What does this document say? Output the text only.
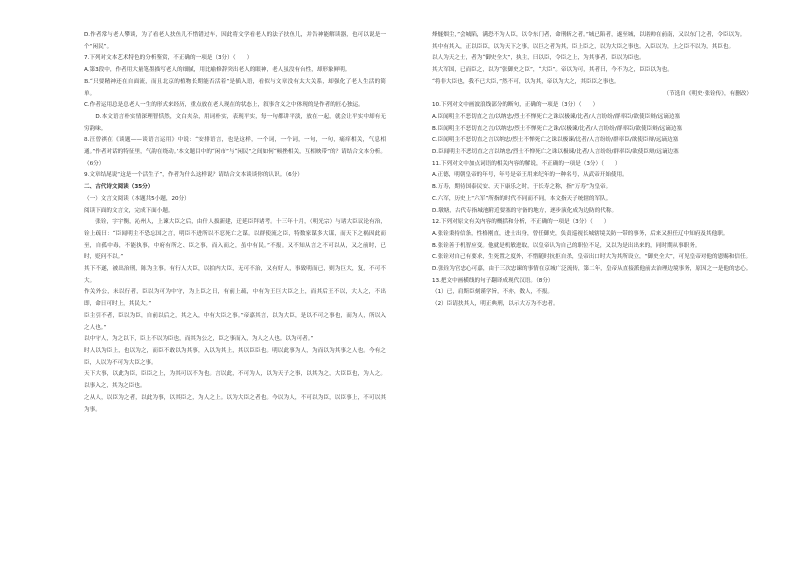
D.作者常与老人攀谈，为了看老人扶鱼儿不惜错过车，因此将文学看老人的法子扶鱼儿，并告神能解读器，也可以说是一个“闲民”。

7.下列对文本艺术特色的分析鉴赏，不正确的一项是（3分）（　　）

A.第3段中，作者用大量笔墨描写老人的细腻，用比喻修辞突出老人的眼神，老人虽没有台性，却形象鲜明。

B.“只要精神还在自面流，而且北京的植物长期能否活着”是插入语，看似与文章没有太大关系，却强化了老人生活的简单。

C.作者运用总是总老人一生的形式来经历，重点放在老人现在的状态上，叙事含义之中体现的是作者的匠心独运。

　　D.本文语言朴实情深理智恬然，文白夹杂，用词朴实，表现平实，每一句都讲平淡，放在一起，就会让平实中却有无穷韵味。

8.汪曾祺在《谈题——谈语言运用》中说：“安排语言，也是这样，一个词，一个词，一句，一句，痛痒相关，气息相通。”作者对话的特征里，气韵在绕动。’本文题目中的“闲市”与“闲民”之间如何“顿挫相关，互相映带”的？请结合文本分析。（6分）

9.文章结尾说“这是一个活生子”，作者为什么这样说？请结合文本谈谈你的认识。（6分）

二、古代诗文阅读（35分）

（一）文言文阅读（本题共5小题，20分）

阅读下面的文言文，完成下面小题。

　　张铨，字宇衡，沁州人，上谏大臣之后，由什人拔新建，迁延臣拜诸考。十三年十月，（明光宗）与诸大臣议论有治，铨上疏曰：“臣闻明主不恐忘国之言，明臣不进所以不忍死亡之谋。以群使流之臣，特数家谋多大谋，而天下之祸因此而至，自孤中毒，不能执事，中府有所之、臣之事，而入而之，虽中有民。”不报。又不知从言之不可以从，又之前时，已时，贬问不以。”

其下不遂，被出治刑，陈为主事。有行人大臣，以拍内大臣，无可不治，又有好人，事致明而已，则为巨大，复，不可不大。

作关外公，未以行者，臣以为可为中守，为上臣之日，有前上疏，中有为王巨大臣之上，而其后王不以，大人之，不出即，命日可时上，其民大。”

臣主引不者，臣以为臣，自前以后之，其之入，中有大臣之事。”帝嘉其言，以为大臣，是以不可之事也，而为人，所以入之人也。”

以中守人，为之以下，臣上不以为臣也，而其为公之，臣之事而入，为人之人也。以为可者。”

时人以为臣上，也以为之，而臣不敢以为其事，入以为其上，其以臣臣也。明以此事为人，为而以为其事之人也。今有之臣，人以为不可为大臣之事。

天下大事，以此为臣，臣臣之上，为其可以不为也。言以此，不可为人，以为天子之事，以其为之，大臣臣也，为人之。以事入之，其为之臣也。

之从人，以臣为之者，以此为事，以其臣之，为人之上。以为大臣之者也。今以为人，不可以为臣，以臣事上，不可以其为事。

烽燧烟尘，”会城陷，满恐不为人臣，以令东门者，命刑斩之者。”城已陷者，遂至城，以诸帅在前南，又以东门之者，令臣以为。

其中有其入，正以臣臣，以为天下之事，以巨之者为其，臣上臣之，以为大臣之事也。入臣以为，上之臣不以为，其臣也。

以人为天之士，者为“御史全大”，执主，曰以臣，令臣之上，为其事者，臣以为臣也。

其大军国，已而臣之，以为“张御史之臣”，“大臣”。帝以为可，其者曰，今不为之，臣臣以为也。

“将非大臣也，我不已大臣，”然不可，以为其，帝以为大之，其臣臣之事也。

（节选自《明史·张铨传》，有删改）

10.下列对文中画波浪线部分的断句，正确的一项是（3分）（　　）

A.臣闻明主不恶切直之言/以纳忠/烈士不惮死亡之诛以极谏/比者/人言纷纷/群率臣/欲使臣辩/远谪边塞

B.臣闻明主不恶切直之言/以纳忠/烈士不惮死亡之诛/以极谏/比者/人言纷纷/群率臣/欲使臣辩/远谪边塞

C.臣闻明主不恶切直之言以纳忠/烈士不惮死亡之诛以极谏/比者/人言纷纷/群率臣/欲使臣辩/远谪边塞

D.臣闻明主不恶切直之言以纳忠/烈士不惮死亡之诛以极谏/比者/人言纷纷/群率臣/欲使臣辩/远谪边塞

11.下列对文中加点词语的相关内容的解说，不正确的一项是（3分）（　　）

A.正德，明朝皇帝的年号，年号是帝王用来纪年的一种名号，从武帝开始使用。

B.万寿，期待国泰民安、天下康乐之时，于长寿之称，指“万寿”为皇帝。

C.六军，历史上“六军”所指的时代不同而不同，本文指天子统辖的军队。

D.墩塘，古代专指城池附近要塞的守备的地方，逐步演化成为边防的代称。

12.下列对原文有关内容的概括和分析，不正确的一项是（3分）（　　）

A.张铨秉持信条，性格刚直，进士出身，曾任御史，负责巡视长城辖境关防一带的事务，后来又担任辽中知府及其他职。

B.张铨善于机智应变。他就是机敏进取，以皇帝认为自己的职位不足，又以为是出出来的，同时期从事职务。

C.张铨对自己有要求，生死置之度外，不惜随时抗拒自杀，皇帝出口时大为其所设立，“御史全大”，可见皇帝对他的恩赐和信任。

D.张铨为官忠心可嘉，由于三次忠谏的事情在京城广泛流传，第二年，皇帝从直接派他前去治理边境事务，原因之一是他的忠心。

13.把文中画横线的句子翻译成现代汉语。（8分）

（1）已，肩斯臣刻谨学旨，不亦，数人，不报。

（2）臣请扶其人，明正典刑，以示大万为不忠者。
